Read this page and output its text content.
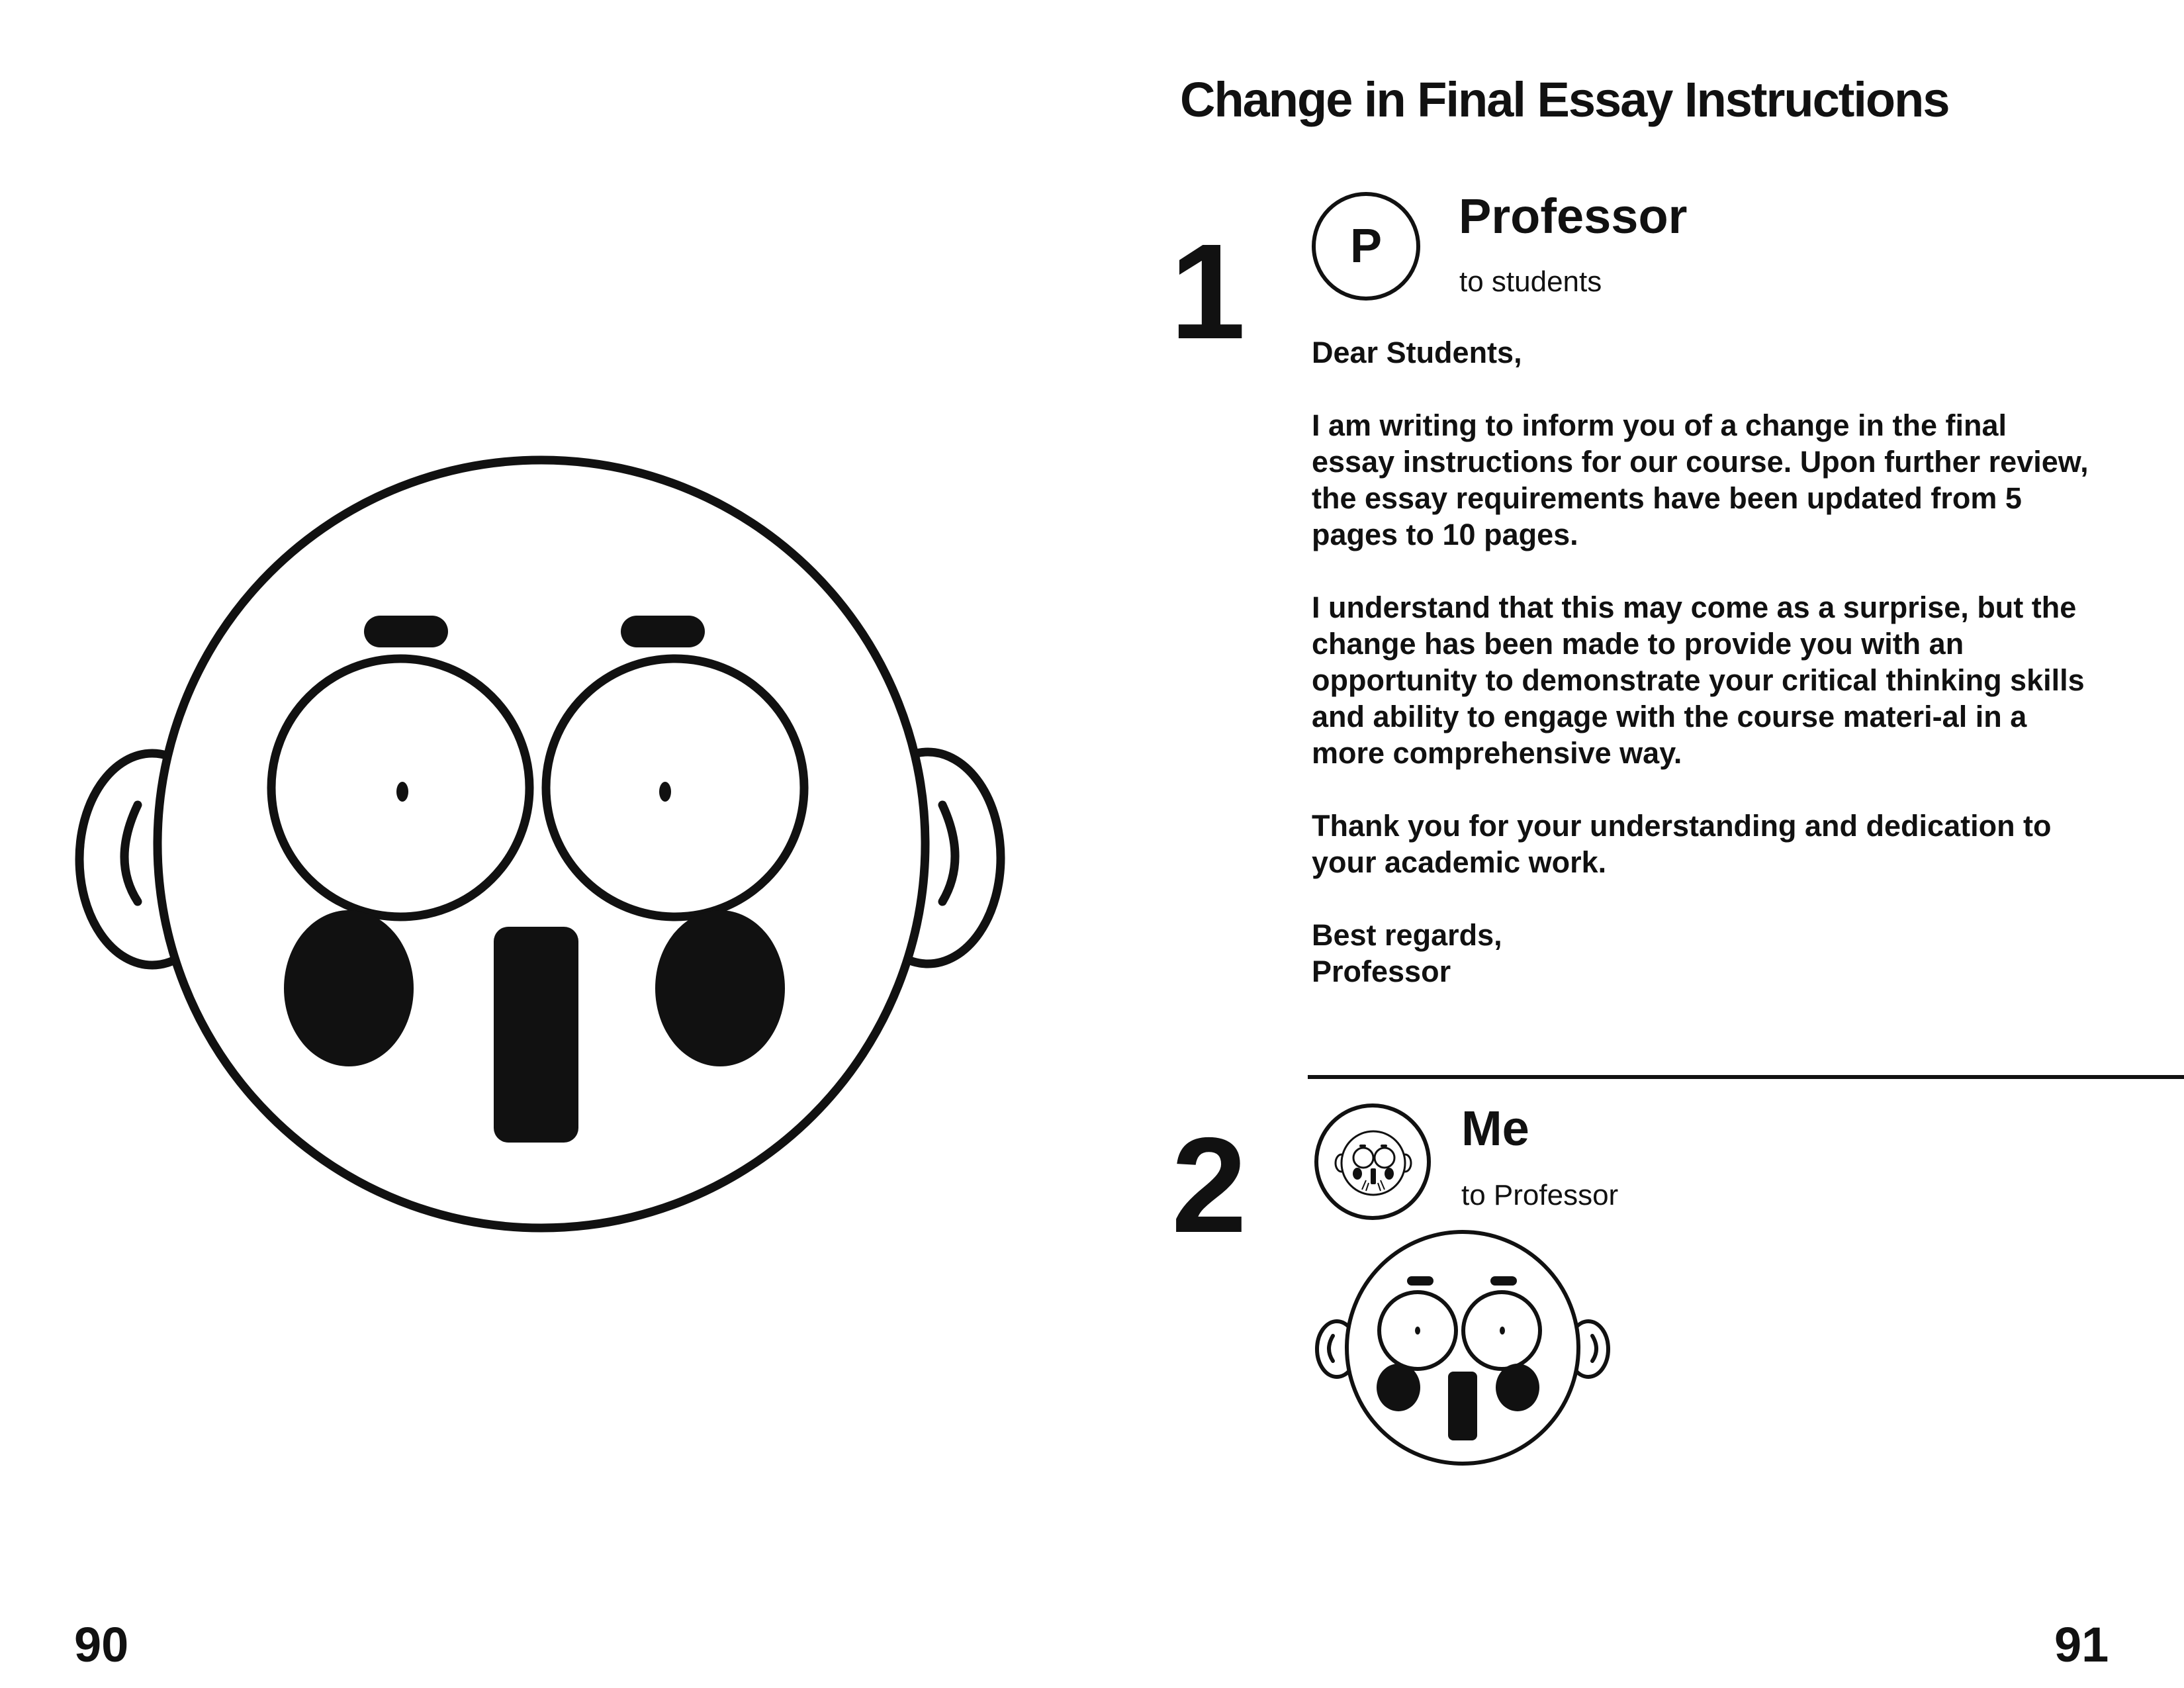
Change in Final Essay Instructions
1 P
Professor
to students

Dear Students,

I am writing to inform you of a change in the final essay instructions for our course. Upon further review, the essay requirements have been updated from 5 pages to 10 pages.

I understand that this may come as a surprise, but the change has been made to provide you with an opportunity to demonstrate your critical thinking skills and ability to engage with the course materi-al in a more comprehensive way.

Thank you for your understanding and dedication to your academic work.

Best regards,
Professor

2	Me
to Professor
90	91
